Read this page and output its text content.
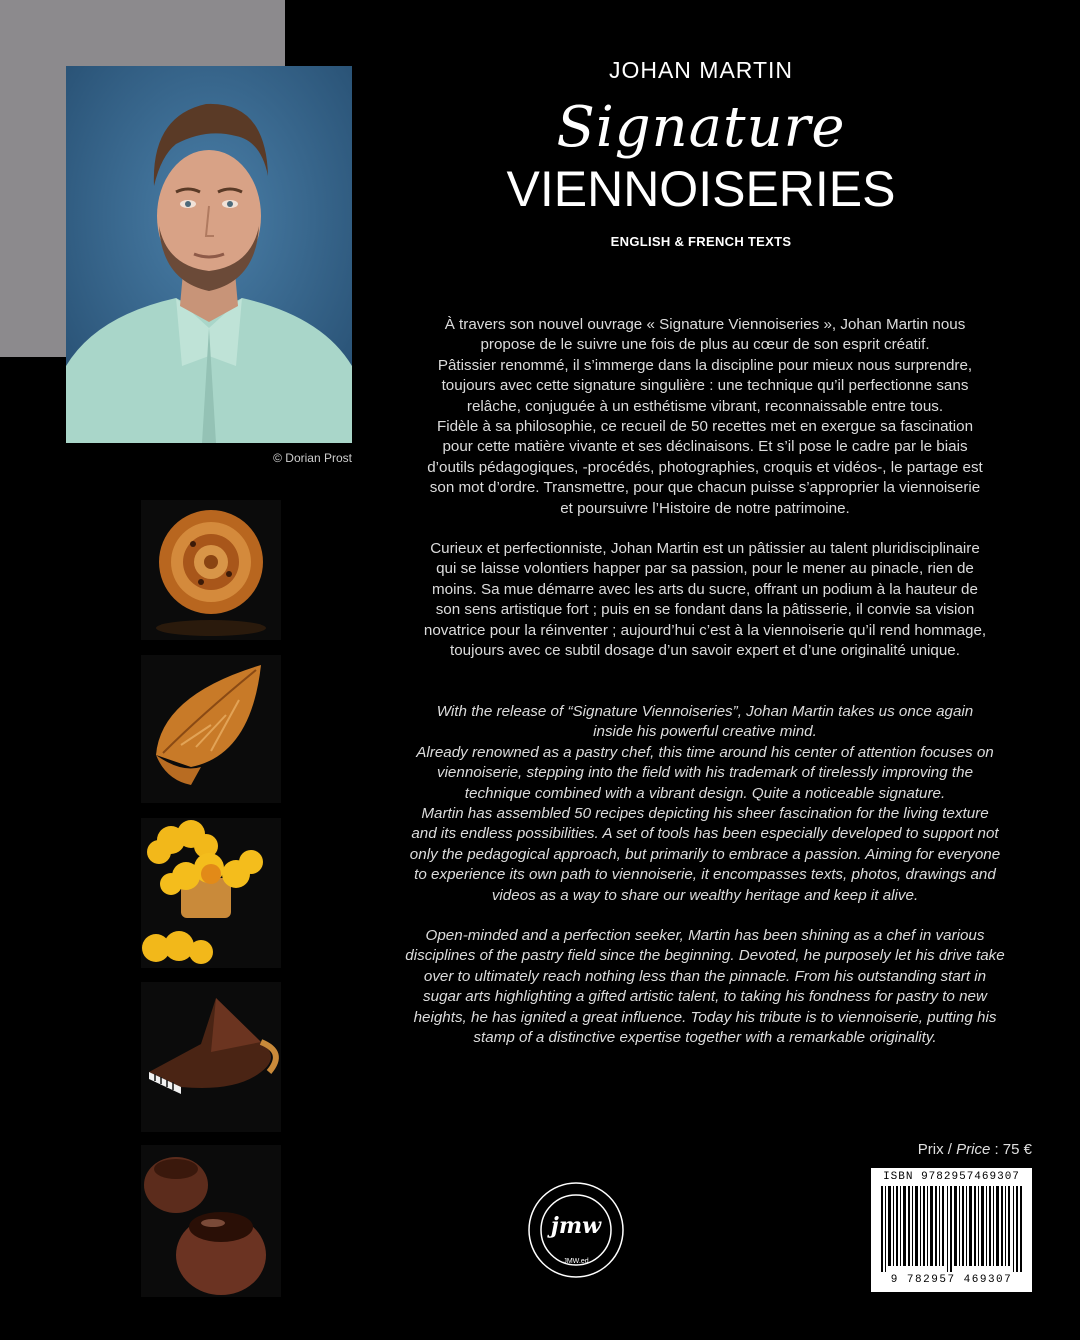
© Dorian Prost
JOHAN MARTIN
Signature
VIENNOISERIES
ENGLISH & FRENCH TEXTS

À travers son nouvel ouvrage « Signature Viennoiseries », Johan Martin nous

propose de le suivre une fois de plus au cœur de son esprit créatif.

Pâtissier renommé, il s’immerge dans la discipline pour mieux nous surprendre,

toujours avec cette signature singulière : une technique qu’il perfectionne sans

relâche, conjuguée à un esthétisme vibrant, reconnaissable entre tous.

Fidèle à sa philosophie, ce recueil de 50 recettes met en exergue sa fascination

pour cette matière vivante et ses déclinaisons. Et s’il pose le cadre par le biais

d’outils pédagogiques, -procédés, photographies, croquis et vidéos-, le partage est

son mot d’ordre. Transmettre, pour que chacun puisse s’approprier la viennoiserie

et poursuivre l’Histoire de notre patrimoine.

Curieux et perfectionniste, Johan Martin est un pâtissier au talent pluridisciplinaire

qui se laisse volontiers happer par sa passion, pour le mener au pinacle, rien de

moins. Sa mue démarre avec les arts du sucre, offrant un podium à la hauteur de

son sens artistique fort ; puis en se fondant dans la pâtisserie, il convie sa vision

novatrice pour la réinventer ; aujourd’hui c’est à la viennoiserie qu’il rend hommage,

toujours avec ce subtil dosage d’un savoir expert et d’une originalité unique.

With the release of “Signature Viennoiseries”, Johan Martin takes us once again

inside his powerful creative mind.

Already renowned as a pastry chef, this time around his center of attention focuses on

viennoiserie, stepping into the field with his trademark of tirelessly improving the

technique combined with a vibrant design. Quite a noticeable signature.

Martin has assembled 50 recipes depicting his sheer fascination for the living texture

and its endless possibilities. A set of tools has been especially developed to support not

only the pedagogical approach, but primarily to embrace a passion. Aiming for everyone

to experience its own path to viennoiserie, it encompasses texts, photos, drawings and

videos as a way to share our wealthy heritage and keep it alive.

Open-minded and a perfection seeker, Martin has been shining as a chef in various

disciplines of the pastry field since the beginning. Devoted, he purposely let his drive take

over to ultimately reach nothing less than the pinnacle. From his outstanding start in

sugar arts highlighting a gifted artistic talent, to taking his fondness for pastry to new

heights, he has ignited a great influence. Today his tribute is to viennoiserie, putting his

stamp of a distinctive expertise together with a remarkable originality.

Prix / Price : 75 €
ISBN 9782957469307
9 782957 469307
jmw
JMW.ed
